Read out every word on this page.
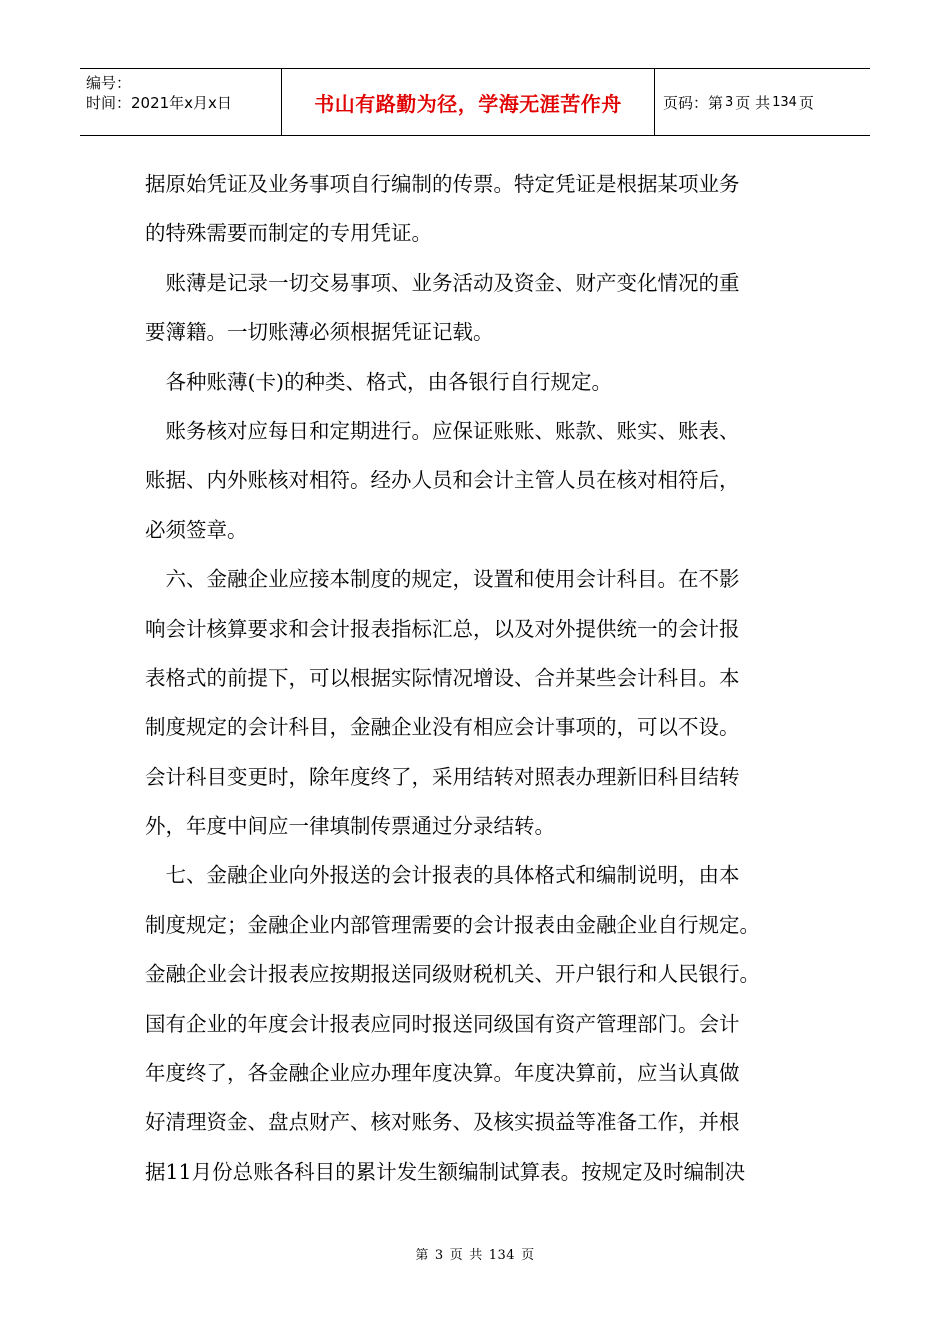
编号：
时间：2021年x月x日	书山有路勤为径，学海无涯苦作舟	页码：第 3 页 共 134 页
据原始凭证及业务事项自行编制的传票。特定凭证是根据某项业务
的特殊需要而制定的专用凭证。
　账薄是记录一切交易事项、业务活动及资金、财产变化情况的重
要簿籍。一切账薄必须根据凭证记载。
　各种账薄(卡)的种类、格式，由各银行自行规定。
　账务核对应每日和定期进行。应保证账账、账款、账实、账表、
账据、内外账核对相符。经办人员和会计主管人员在核对相符后，
必须签章。
　六、金融企业应接本制度的规定，设置和使用会计科目。在不影
响会计核算要求和会计报表指标汇总，以及对外提供统一的会计报
表格式的前提下，可以根据实际情况增设、合并某些会计科目。本
制度规定的会计科目，金融企业没有相应会计事项的，可以不设。
会计科目变更时，除年度终了，采用结转对照表办理新旧科目结转
外，年度中间应一律填制传票通过分录结转。
　七、金融企业向外报送的会计报表的具体格式和编制说明，由本
制度规定；金融企业内部管理需要的会计报表由金融企业自行规定。
金融企业会计报表应按期报送同级财税机关、开户银行和人民银行。
国有企业的年度会计报表应同时报送同级国有资产管理部门。会计
年度终了，各金融企业应办理年度决算。年度决算前，应当认真做
好清理资金、盘点财产、核对账务、及核实损益等准备工作，并根
据11月份总账各科目的累计发生额编制试算表。按规定及时编制决
第 3 页 共 134 页
